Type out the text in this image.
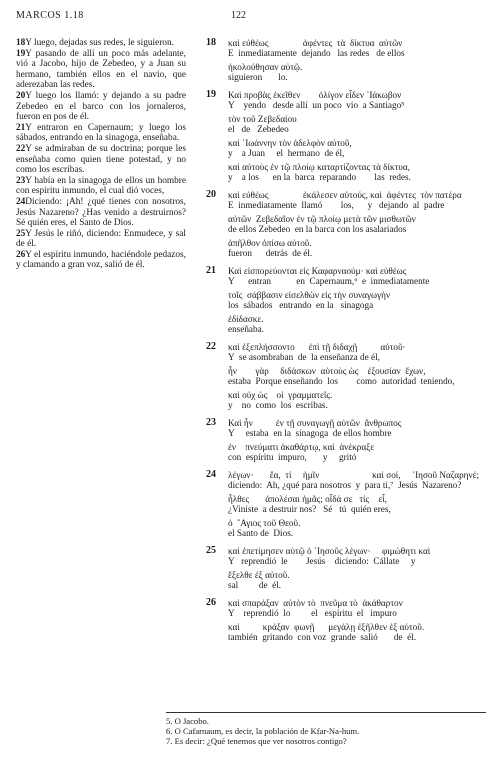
MARCOS 1.18	122

18Y luego, dejadas sus redes, le siguieron.

19Y pasando de allí un poco más adelante, vió a Jacobo, hijo de Zebedeo, y a Juan su hermano, también ellos en el navío, que aderezaban las redes.

20Y luego los llamó: y dejando a su padre Zebedeo en el barco con los jornaleros, fueron en pos de él.

21Y entraron en Capernaum; y luego los sábados, entrando en la sinagoga, enseñaba.

22Y se admiraban de su doctrina; porque les enseñaba como quien tiene potestad, y no como los escribas.

23Y había en la sinagoga de ellos un hombre con espíritu inmundo, el cual dió voces,

24Diciendo: ¡Ah! ¿qué tienes con nosotros, Jesús Nazareno? ¿Has venido a destruirnos? Sé quién eres, el Santo de Dios.

25Y Jesús le riñó, diciendo: Enmudece, y sal de él.

26Y el espíritu inmundo, haciéndole pedazos, y clamando a gran voz, salió de él.

18 καὶ εὐθέως               ἀφέντες  τὰ  δίκτυα  αὐτῶν
E  inmediatamente  dejando   las redes   de ellos
ἠκολούθησαν αὐτῷ.
siguieron       lo.
19 Καὶ προβὰς ἐκεῖθεν        ὀλίγον εἶδεν ᾽Ιάκωβον
Y    yendo   desde allí  un poco  vio  a Santiago⁵
τὸν τοῦ Ζεβεδαίου
el   de   Zebedeo
καὶ ᾽Ιωάννην τὸν ἀδελφὸν αὐτοῦ,
y    a Juan     el  hermano  de él,
καὶ αὐτοὺς ἐν τῷ πλοίῳ καταρτίζοντας τὰ δίκτυα,
y    a los      en la  barca  reparando        las  redes.
20 καὶ εὐθέως               ἐκάλεσεν αὐτούς, καὶ  ἀφέντες  τὸν πατέρα
E  inmediatamente  llamó        los,      y   dejando  al  padre
αὐτῶν  Ζεβεδαῖον ἐν τῷ πλοίῳ μετὰ τῶν μισθωτῶν
de ellos Zebedeo  en la barca con los asalariados
ἀπῆλθον ὀπίσω αὐτοῦ.
fueron      detrás  de él.
21 Καὶ εἰσπορεύονται εἰς Καφαρναούμ· καὶ εὐθέως
Y      entran           en  Capernaum,⁶  e  inmediatamente
τοῖς  σάββασιν εἰσελθὼν εἰς τὴν συναγωγὴν
los  sábados   entrando  en la   sinagoga
ἐδίδασκε.
enseñaba.
22 καὶ ἐξεπλήσσοντο      ἐπὶ τῇ διδαχῇ          αὐτοῦ·
Y  se asombraban  de  la enseñanza de él,
ἦν        γὰρ     διδάσκων  αὐτοὺς ὡς    ἐξουσίαν  ἔχων,
estaba  Porque enseñando  los        como  autoridad  teniendo,
καὶ οὐχ ὡς    οἱ  γραμματεῖς.
y    no  como  los  escribas.
23 Καὶ ἦν          ἐν τῇ συναγωγῇ αὐτῶν  ἄνθρωπος
Y     estaba  en la  sinagoga  de ellos hombre
ἐν    πνεύματι ἀκαθάρτῳ, καὶ  ἀνέκραξε
con  espíritu  impuro,       y     gritó
24 λέγων·       ἔα,  τί     ἡμῖν                       καὶ σοί,     ᾽Ιησοῦ Ναζαρηνέ;
diciendo:  Ah, ¿qué para nosotros  y  para ti,⁷  Jesús  Nazareno?
ἦλθες       ἀπολέσαι ἡμᾶς; οἶδά σε   τίς    εἶ,
¿Viniste  a destruir nos?   Sé   tú  quién eres,
ὁ  ῞Αγιος τοῦ Θεοῦ.
el Santo de  Dios.
25 καὶ ἐπετίμησεν αὐτῷ ὁ ᾽Ιησοῦς λέγων·     φιμώθητι καὶ
Y   reprendió  le        Jesús    diciendo:  Cállate     y
ἔξελθε ἐξ αὐτοῦ.
sal         de  él.
26 καὶ σπαράξαν  αὐτὸν τὸ  πνεῦμα τὸ  ἀκάθαρτον
Y    reprendió  lo         el   espíritu  el   impuro
καὶ          κράξαν  φωνῇ      μεγάλῃ ἐξῆλθεν ἐξ αὐτοῦ.
también  gritando  con voz  grande  salió       de  él.
5. O Jacobo.
6. O Cafarnaum, es decir, la población de Kfar-Na-hum.
7. Es decir: ¿Qué tenemos que ver nosotros contigo?
